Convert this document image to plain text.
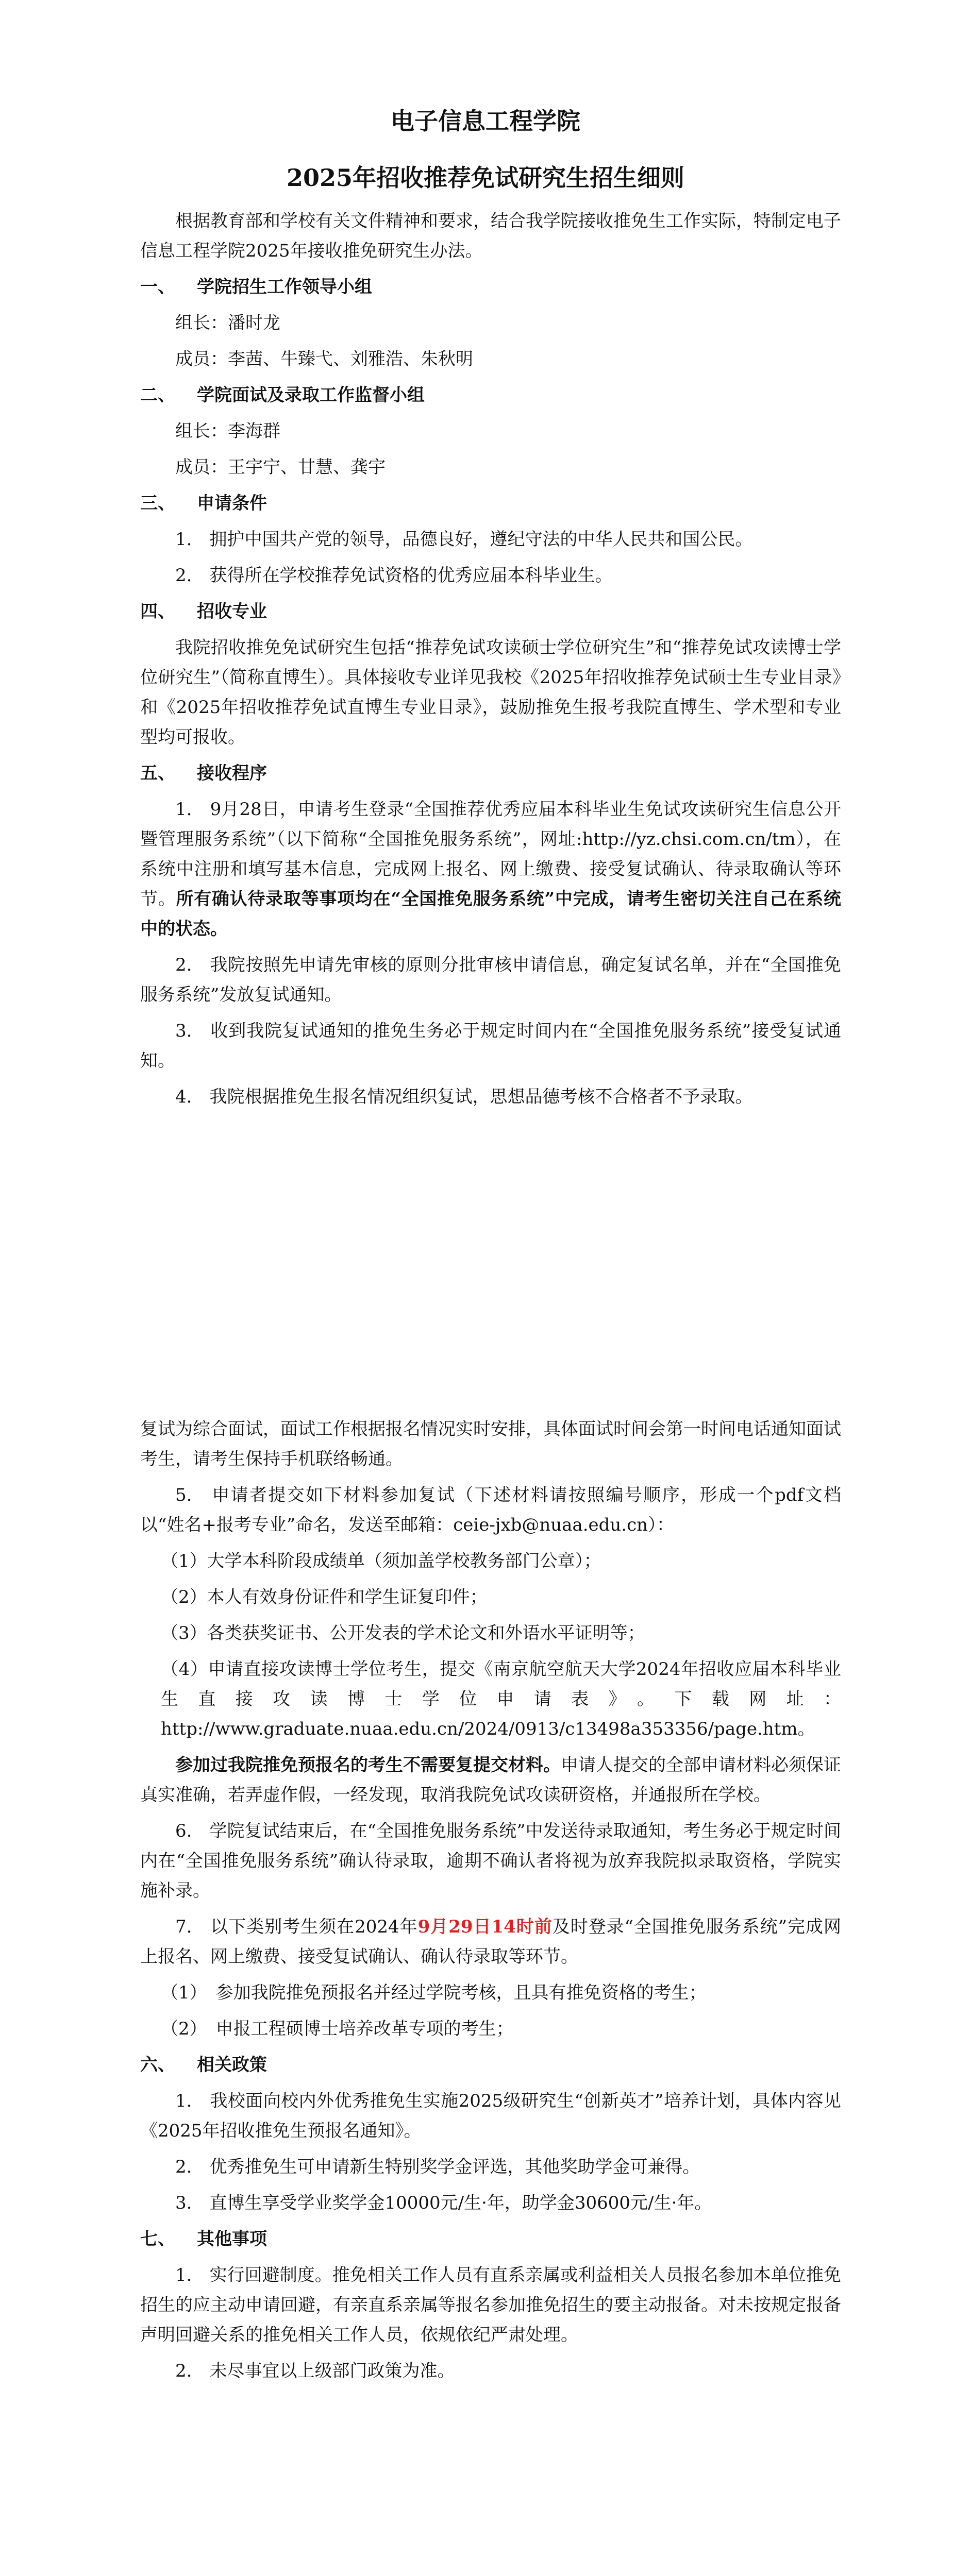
电子信息工程学院
2025年招收推荐免试研究生招生细则

根据教育部和学校有关文件精神和要求，结合我学院接收推免生工作实际，特制定电子信息工程学院2025年接收推免研究生办法。

一、 学院招生工作领导小组

组长：潘时龙

成员：李茜、牛臻弋、刘雅浩、朱秋明

二、 学院面试及录取工作监督小组

组长：李海群

成员：王宇宁、甘慧、龚宇

三、 申请条件

1.　拥护中国共产党的领导，品德良好，遵纪守法的中华人民共和国公民。

2.　获得所在学校推荐免试资格的优秀应届本科毕业生。

四、 招收专业

我院招收推免免试研究生包括“推荐免试攻读硕士学位研究生”和“推荐免试攻读博士学位研究生”（简称直博生）。具体接收专业详见我校《2025年招收推荐免试硕士生专业目录》和《2025年招收推荐免试直博生专业目录》，鼓励推免生报考我院直博生、学术型和专业型均可报收。

五、 接收程序

1.　9月28日，申请考生登录“全国推荐优秀应届本科毕业生免试攻读研究生信息公开暨管理服务系统”（以下简称“全国推免服务系统”，网址:http://yz.chsi.com.cn/tm），在系统中注册和填写基本信息，完成网上报名、网上缴费、接受复试确认、待录取确认等环节。所有确认待录取等事项均在“全国推免服务系统”中完成，请考生密切关注自己在系统中的状态。

2.　我院按照先申请先审核的原则分批审核申请信息，确定复试名单，并在“全国推免服务系统”发放复试通知。

3.　收到我院复试通知的推免生务必于规定时间内在“全国推免服务系统”接受复试通知。

4.　我院根据推免生报名情况组织复试，思想品德考核不合格者不予录取。

复试为综合面试，面试工作根据报名情况实时安排，具体面试时间会第一时间电话通知面试考生，请考生保持手机联络畅通。

5.　申请者提交如下材料参加复试（下述材料请按照编号顺序，形成一个pdf文档以“姓名+报考专业”命名，发送至邮箱：ceie-jxb@nuaa.edu.cn）：

（1）大学本科阶段成绩单（须加盖学校教务部门公章）；

（2）本人有效身份证件和学生证复印件；

（3）各类获奖证书、公开发表的学术论文和外语水平证明等；

（4）申请直接攻读博士学位考生，提交《南京航空航天大学2024年招收应届本科毕业生直接攻读博士学位申请表》。下载网址：http://www.graduate.nuaa.edu.cn/2024/0913/c13498a353356/page.htm。

参加过我院推免预报名的考生不需要复提交材料。申请人提交的全部申请材料必须保证真实准确，若弄虚作假，一经发现，取消我院免试攻读研资格，并通报所在学校。

6.　学院复试结束后，在“全国推免服务系统”中发送待录取通知，考生务必于规定时间内在“全国推免服务系统”确认待录取，逾期不确认者将视为放弃我院拟录取资格，学院实施补录。

7.　以下类别考生须在2024年9月29日14时前及时登录“全国推免服务系统”完成网上报名、网上缴费、接受复试确认、确认待录取等环节。

（1）　参加我院推免预报名并经过学院考核，且具有推免资格的考生；

（2）　申报工程硕博士培养改革专项的考生；

六、 相关政策

1.　我校面向校内外优秀推免生实施2025级研究生“创新英才”培养计划，具体内容见《2025年招收推免生预报名通知》。

2.　优秀推免生可申请新生特别奖学金评选，其他奖助学金可兼得。

3.　直博生享受学业奖学金10000元/生·年，助学金30600元/生·年。

七、 其他事项

1.　实行回避制度。推免相关工作人员有直系亲属或利益相关人员报名参加本单位推免招生的应主动申请回避，有亲直系亲属等报名参加推免招生的要主动报备。对未按规定报备声明回避关系的推免相关工作人员，依规依纪严肃处理。

2.　未尽事宜以上级部门政策为准。
